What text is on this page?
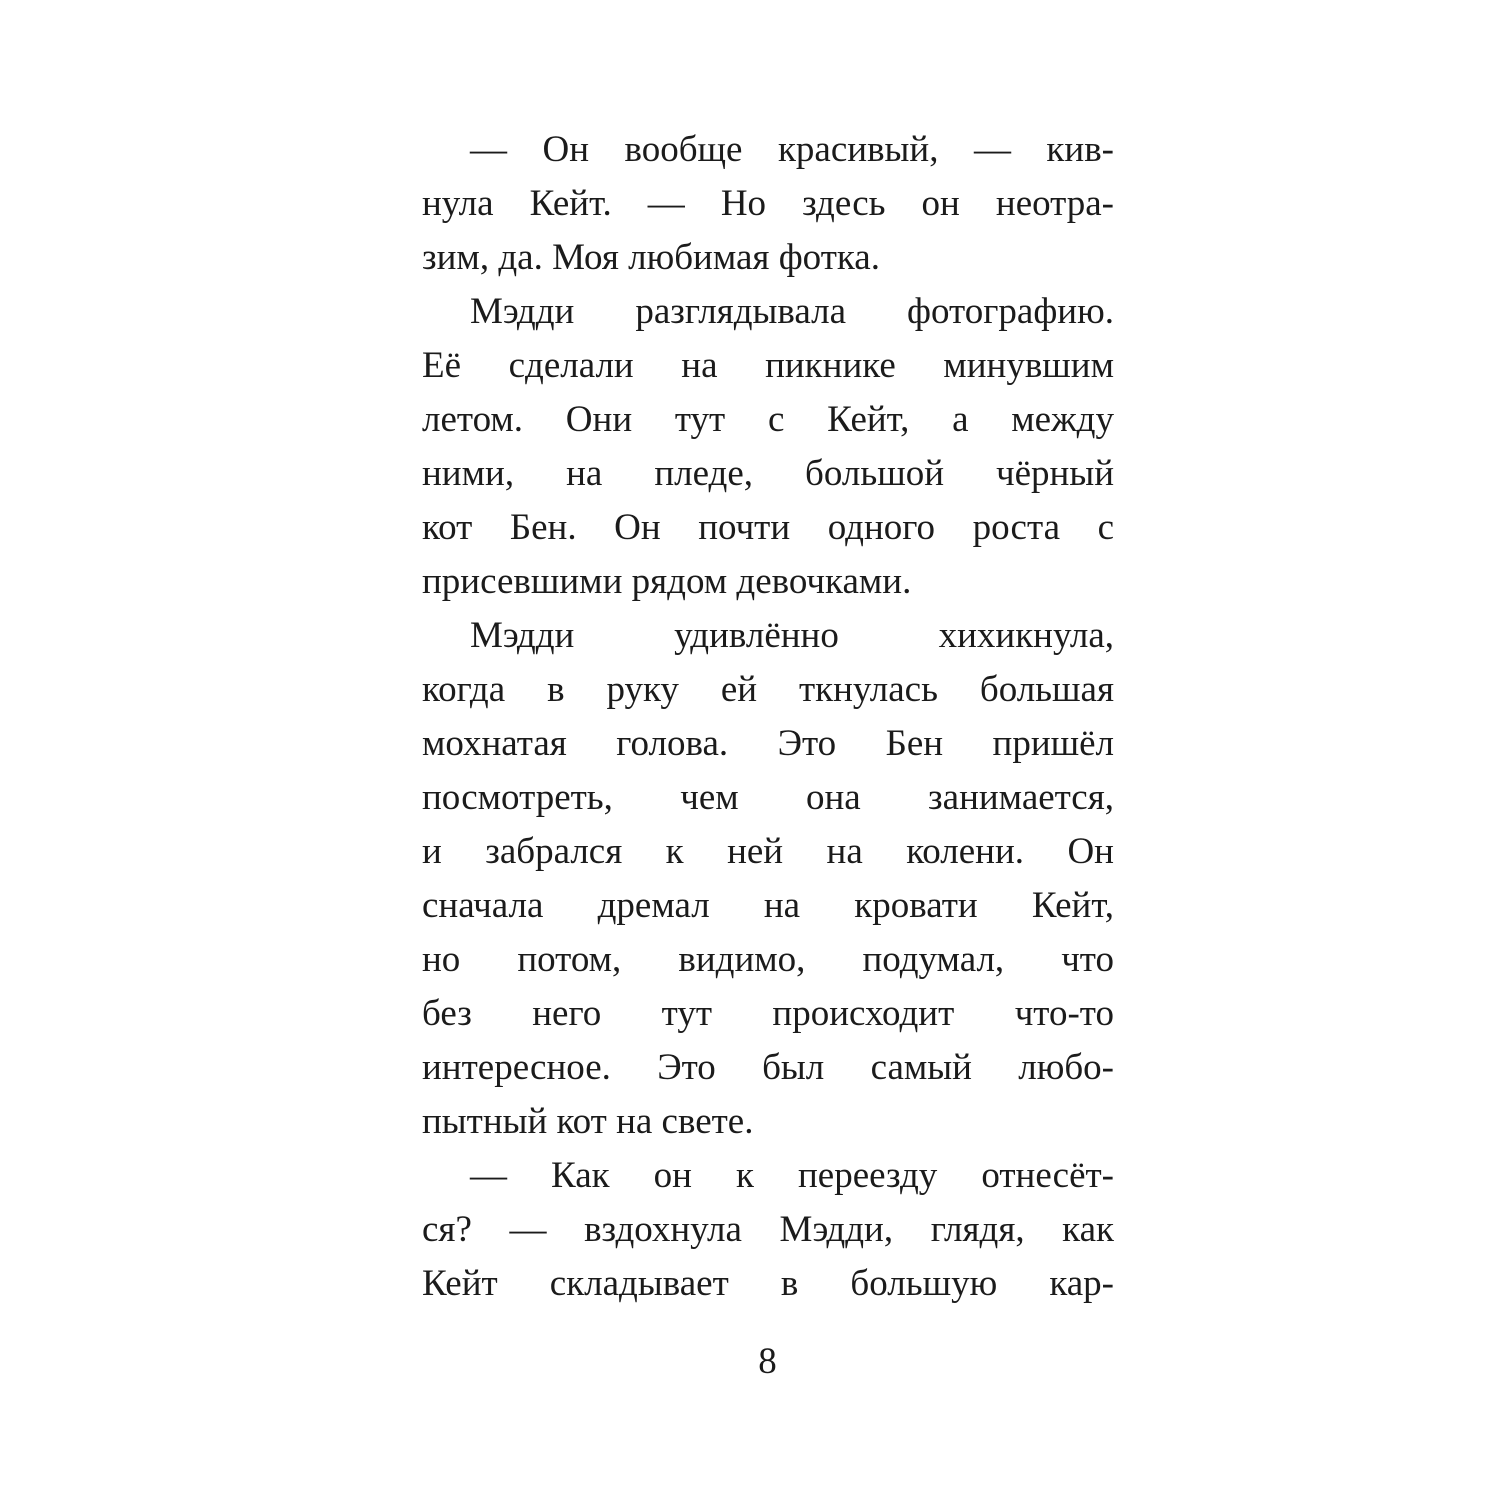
— Он вообще красивый, — кив-
нула Кейт. — Но здесь он неотра-
зим, да. Моя любимая фотка.
Мэдди разглядывала фотографию.
Её сделали на пикнике минувшим
летом. Они тут с Кейт, а между
ними, на пледе, большой чёрный
кот Бен. Он почти одного роста с
присевшими рядом девочками.
Мэдди удивлённо хихикнула,
когда в руку ей ткнулась большая
мохнатая голова. Это Бен пришёл
посмотреть, чем она занимается,
и забрался к ней на колени. Он
сначала дремал на кровати Кейт,
но потом, видимо, подумал, что
без него тут происходит что-то
интересное. Это был самый любо-
пытный кот на свете.
— Как он к переезду отнесёт-
ся? — вздохнула Мэдди, глядя, как
Кейт складывает в большую кар-
8
